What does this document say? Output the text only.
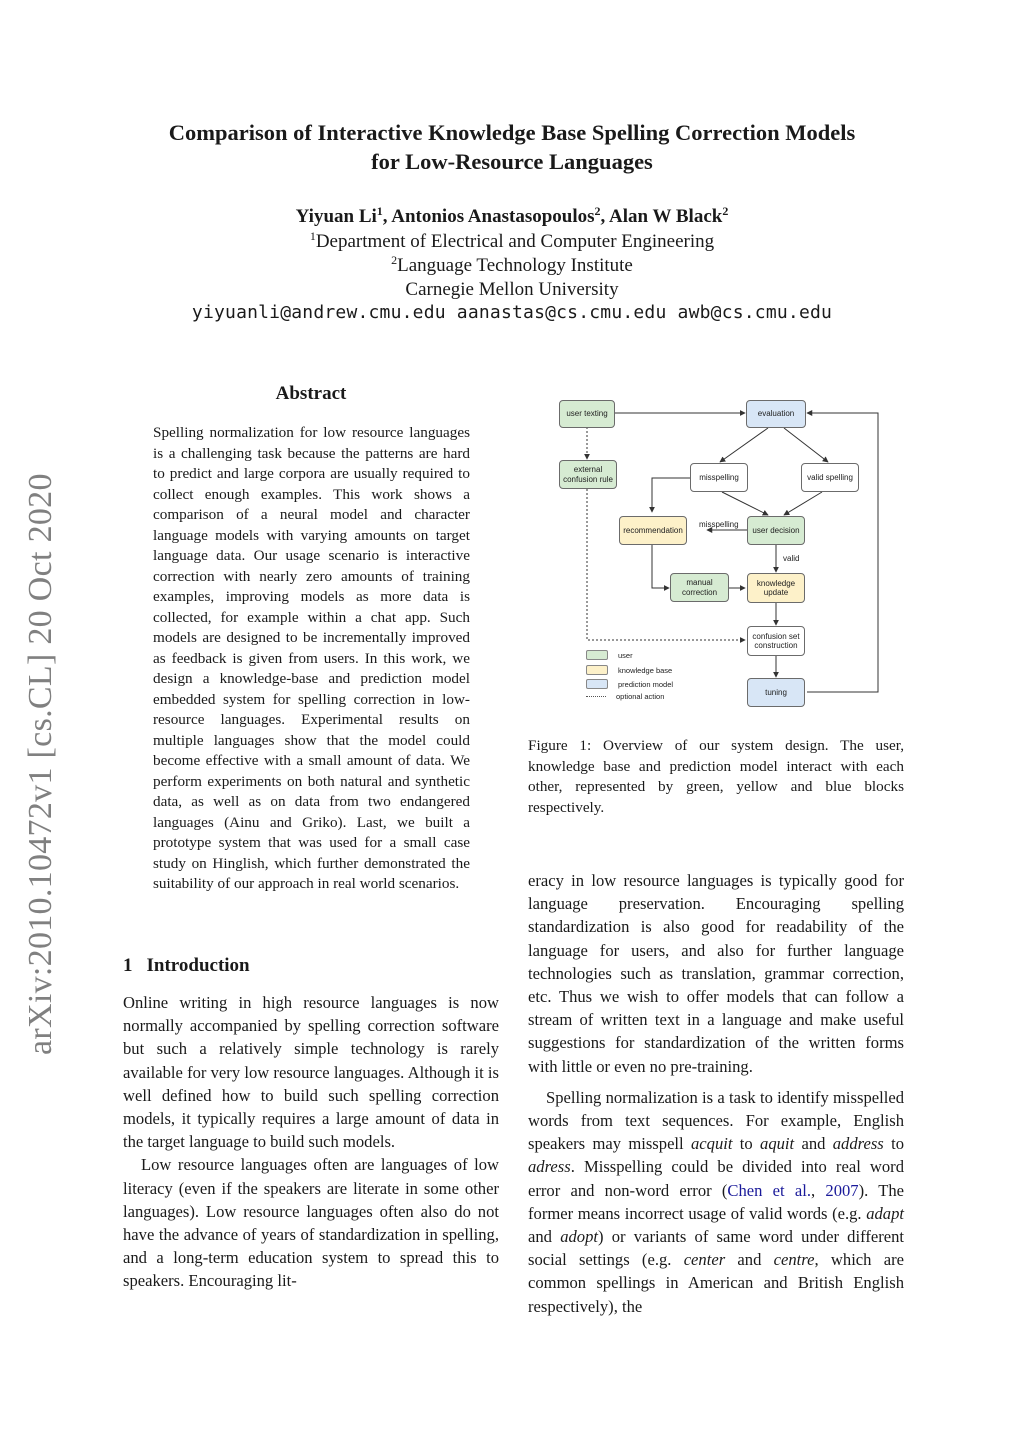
Comparison of Interactive Knowledge Base Spelling Correction Models
for Low-Resource Languages
Yiyuan Li$^1$, Antonios Anastasopoulos$^2$, Alan W Black$^2$
$^1$Department of Electrical and Computer Engineering
$^2$Language Technology Institute
Carnegie Mellon University
yiyuanli@andrew.cmu.edu aanastas@cs.cmu.edu awb@cs.cmu.edu
arXiv:2010.10472v1 [cs.CL] 20 Oct 2020
Abstract
Spelling normalization for low resource languages is a challenging task because the patterns are hard to predict and large corpora are usually required to collect enough examples. This work shows a comparison of a neural model and character language models with varying amounts on target language data. Our usage scenario is interactive correction with nearly zero amounts of training examples, improving models as more data is collected, for example within a chat app. Such models are designed to be incrementally improved as feedback is given from users. In this work, we design a knowledge-base and prediction model embedded system for spelling correction in low-resource languages. Experimental results on multiple languages show that the model could become effective with a small amount of data. We perform experiments on both natural and synthetic data, as well as on data from two endangered languages (Ainu and Griko). Last, we built a prototype system that was used for a small case study on Hinglish, which further demonstrated the suitability of our approach in real world scenarios.
1 Introduction

Online writing in high resource languages is now normally accompanied by spelling correction software but such a relatively simple technology is rarely available for very low resource languages. Although it is well defined how to build such spelling correction models, it typically requires a large amount of data in the target language to build such models.

Low resource languages often are languages of low literacy (even if the speakers are literate in some other languages). Low resource languages often also do not have the advance of years of standardization in spelling, and a long-term education system to spread this to speakers. Encouraging lit-

user texting	evaluation
external confusion rule	misspelling	valid spelling
recommendation	user decision
manual correction
knowledge update
confusion set construction
tuning
misspelling
valid
user
knowledge base
prediction model
optional action
Figure 1: Overview of our system design. The user, knowledge base and prediction model interact with each other, represented by green, yellow and blue blocks respectively.

eracy in low resource languages is typically good for language preservation. Encouraging spelling standardization is also good for readability of the language for users, and also for further language technologies such as translation, grammar correction, etc. Thus we wish to offer models that can follow a stream of written text in a language and make useful suggestions for standardization of the written forms with little or even no pre-training.

Spelling normalization is a task to identify misspelled words from text sequences. For example, English speakers may misspell acquit to aquit and address to adress. Misspelling could be divided into real word error and non-word error (Chen et al., 2007). The former means incorrect usage of valid words (e.g. adapt and adopt) or variants of same word under different social settings (e.g. center and centre, which are common spellings in American and British English respectively), the
